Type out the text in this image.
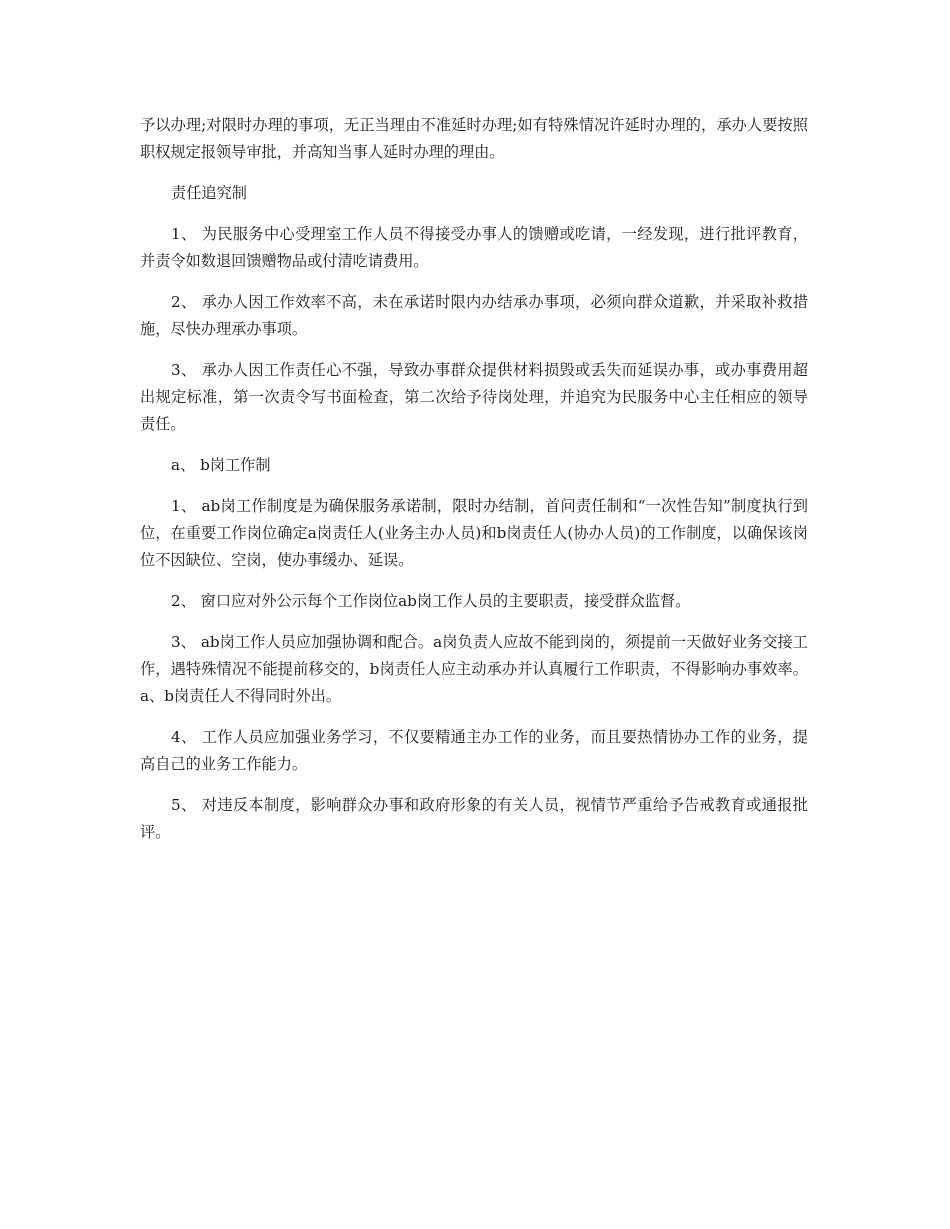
予以办理;对限时办理的事项，无正当理由不准延时办理;如有特殊情况许延时办理的，承办人要按照职权规定报领导审批，并高知当事人延时办理的理由。

责任追究制

1、 为民服务中心受理室工作人员不得接受办事人的馈赠或吃请，一经发现，进行批评教育，并责令如数退回馈赠物品或付清吃请费用。

2、 承办人因工作效率不高，未在承诺时限内办结承办事项，必须向群众道歉，并采取补救措施，尽快办理承办事项。

3、 承办人因工作责任心不强，导致办事群众提供材料损毁或丢失而延误办事，或办事费用超出规定标准，第一次责令写书面检查，第二次给予待岗处理，并追究为民服务中心主任相应的领导责任。

a、 b岗工作制

1、 ab岗工作制度是为确保服务承诺制，限时办结制，首问责任制和“一次性告知”制度执行到位，在重要工作岗位确定a岗责任人(业务主办人员)和b岗责任人(协办人员)的工作制度，以确保该岗位不因缺位、空岗，使办事缓办、延误。

2、 窗口应对外公示每个工作岗位ab岗工作人员的主要职责，接受群众监督。

3、 ab岗工作人员应加强协调和配合。a岗负责人应故不能到岗的，须提前一天做好业务交接工作，遇特殊情况不能提前移交的，b岗责任人应主动承办并认真履行工作职责，不得影响办事效率。a、b岗责任人不得同时外出。

4、 工作人员应加强业务学习，不仅要精通主办工作的业务，而且要热情协办工作的业务，提高自己的业务工作能力。

5、 对违反本制度，影响群众办事和政府形象的有关人员，视情节严重给予告戒教育或通报批评。
